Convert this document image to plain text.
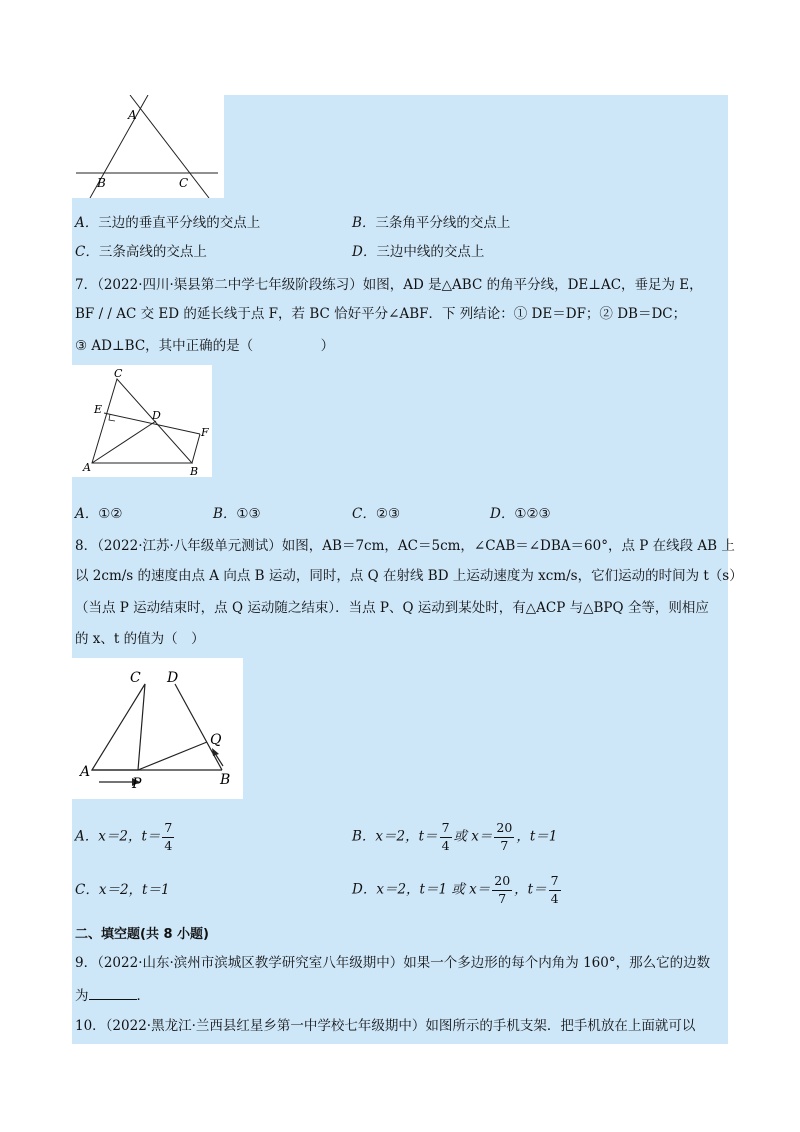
A
B	C
A．三边的垂直平分线的交点上	B．三条角平分线的交点上
C．三条高线的交点上	D．三边中线的交点上
7．（2022·四川·渠县第二中学七年级阶段练习）如图，AD 是△ABC 的角平分线，DE⊥AC，垂足为 E，
BF / / AC 交 ED 的延长线于点 F，若 BC 恰好平分∠ABF．下 列结论：① DE＝DF；② DB＝DC；
③ AD⊥BC，其中正确的是（　　　　　）
C
E	D
F
A	B
A．①②	B．①③	C．②③	D．①②③
8．（2022·江苏·八年级单元测试）如图，AB＝7cm，AC＝5cm，∠CAB＝∠DBA＝60°，点 P 在线段 AB 上
以 2cm/s 的速度由点 A 向点 B 运动，同时，点 Q 在射线 BD 上运动速度为 xcm/s，它们运动的时间为 t（s）
（当点 P 运动结束时，点 Q 运动随之结束）．当点 P、Q 运动到某处时，有△ACP 与△BPQ 全等，则相应
的 x、t 的值为（　）
C D
Q
A	B
P
A．x＝2，$t= \frac{7}{4}$	B．x＝2，$t= \frac{7}{4}$ 或 $x= \frac{20}{7}$ ，t＝1
C．x＝2，t＝1	D．x＝2，t＝1 或 $x= \frac{20}{7}$ ，$t= \frac{7}{4}$
二、填空题(共 8 小题)
9．（2022·山东·滨州市滨城区教学研究室八年级期中）如果一个多边形的每个内角为 160°，那么它的边数
为	．
10．（2022·黑龙江·兰西县红星乡第一中学校七年级期中）如图所示的手机支架．把手机放在上面就可以
